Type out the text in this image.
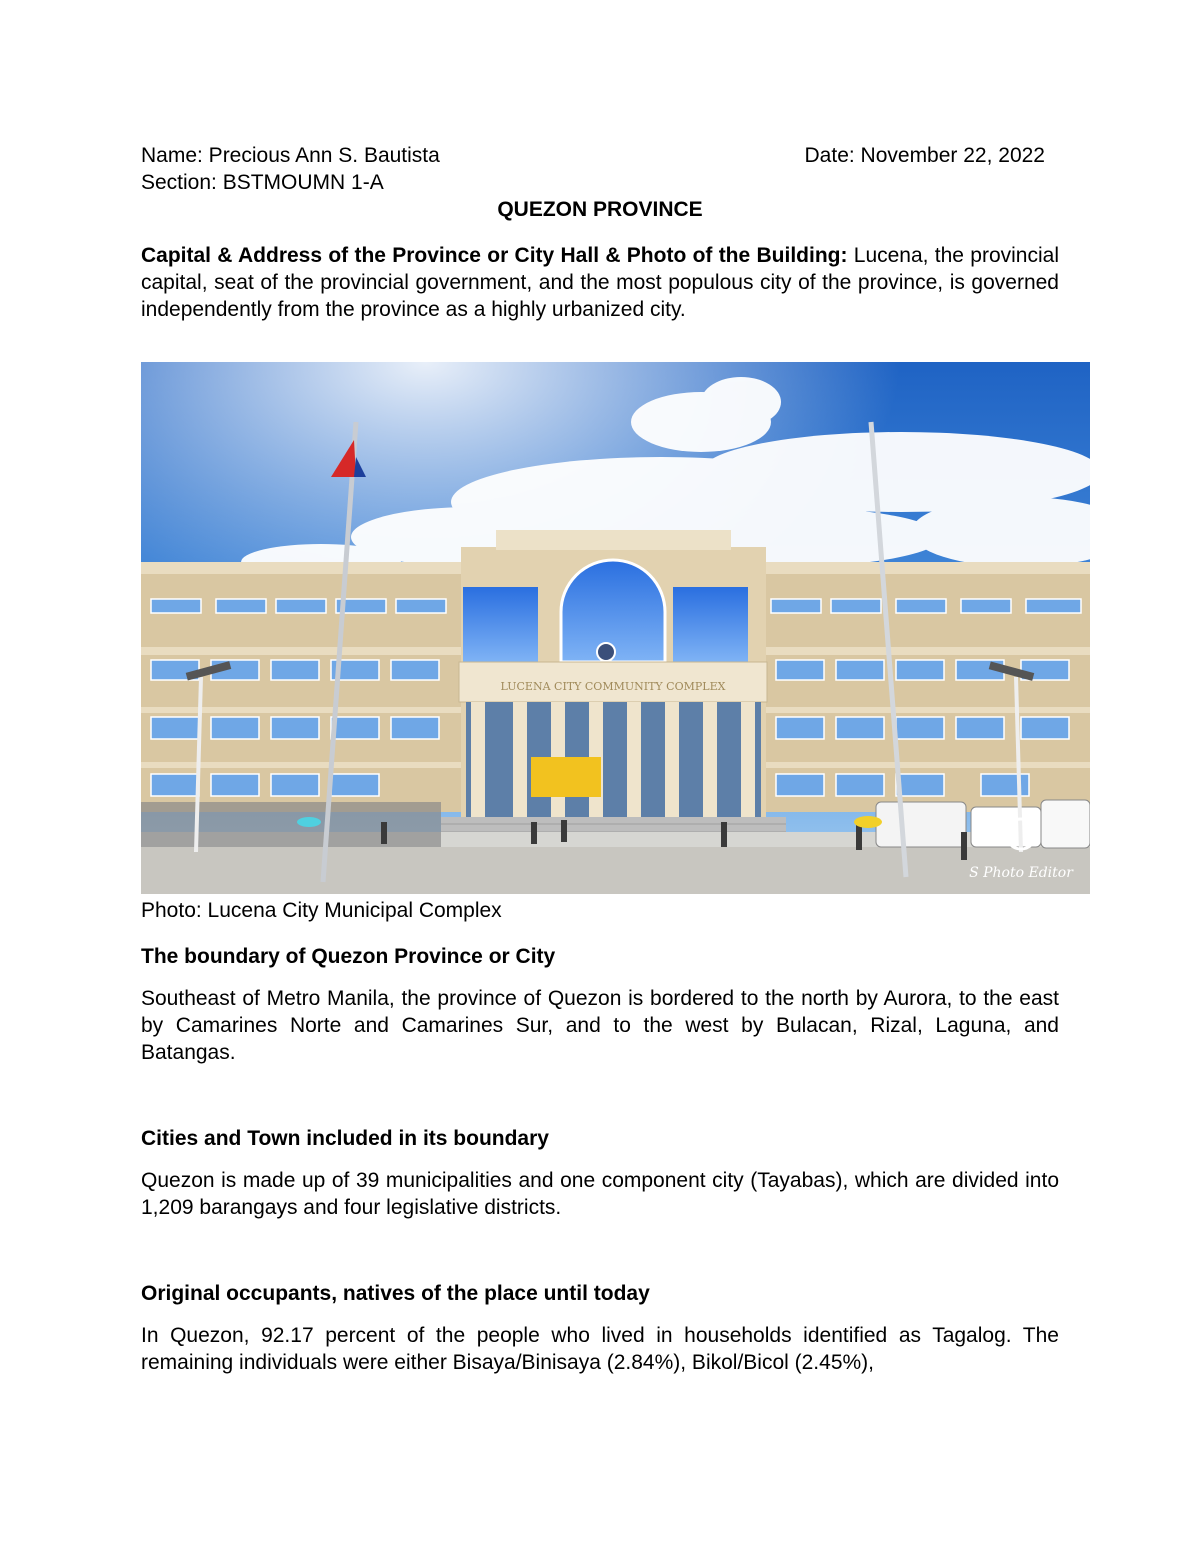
Name: Precious Ann S. Bautista	Date: November 22, 2022
Section: BSTMOUMN 1-A
QUEZON PROVINCE

Capital & Address of the Province or City Hall & Photo of the Building: Lucena, the provincial capital, seat of the provincial government, and the most populous city of the province, is governed independently from the province as a highly urbanized city.

LUCENA CITY COMMUNITY COMPLEX
S Photo Editor
Photo: Lucena City Municipal Complex
The boundary of Quezon Province or City

Southeast of Metro Manila, the province of Quezon is bordered to the north by Aurora, to the east by Camarines Norte and Camarines Sur, and to the west by Bulacan, Rizal, Laguna, and Batangas.

Cities and Town included in its boundary

Quezon is made up of 39 municipalities and one component city (Tayabas), which are divided into 1,209 barangays and four legislative districts.

Original occupants, natives of the place until today

In Quezon, 92.17 percent of the people who lived in households identified as Tagalog. The remaining individuals were either Bisaya/Binisaya (2.84%), Bikol/Bicol (2.45%),
